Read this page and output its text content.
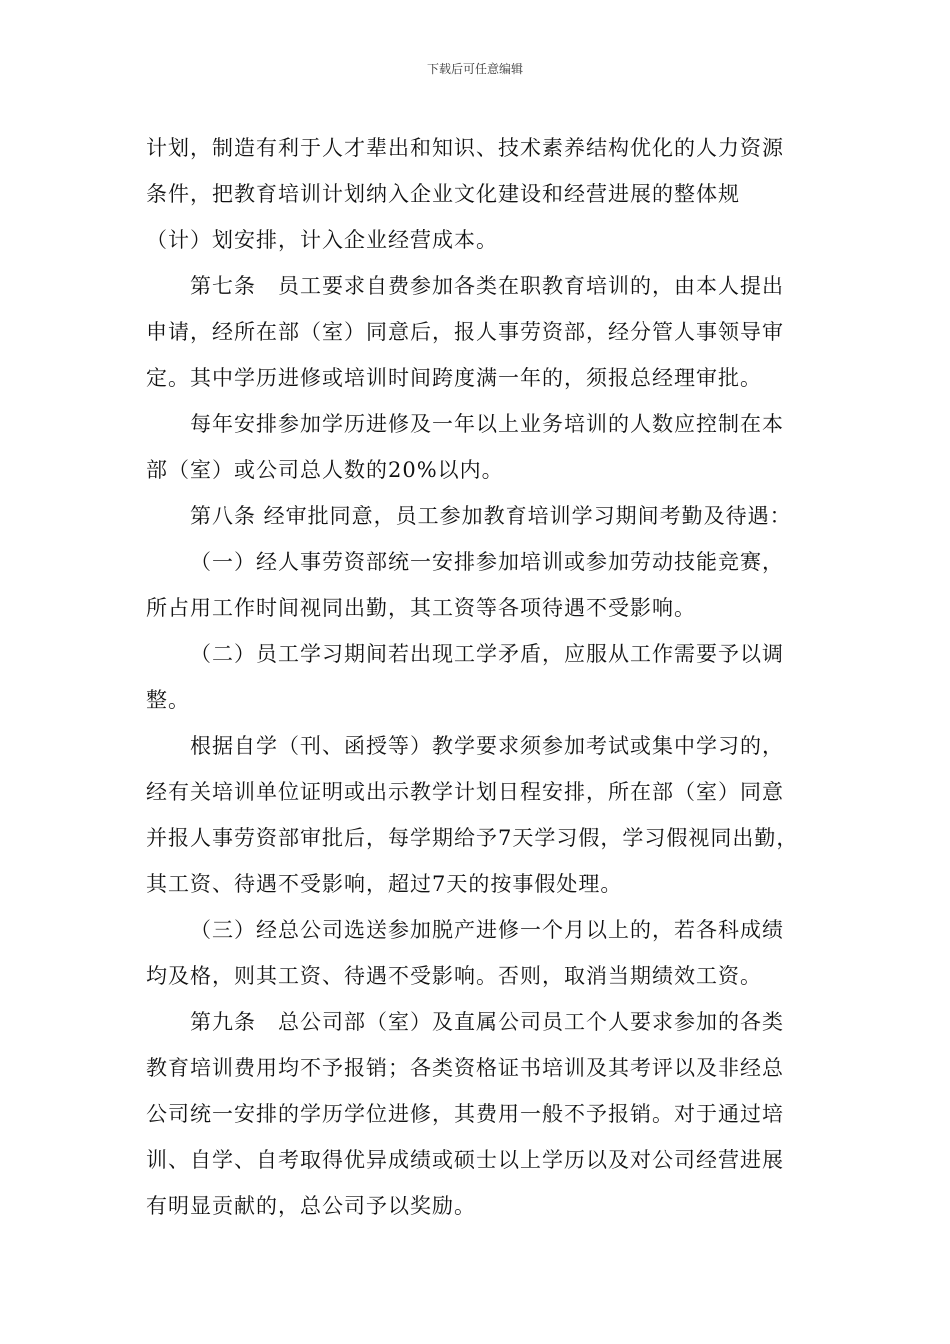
下载后可任意编辑
计划，制造有利于人才辈出和知识、技术素养结构优化的人力资源
条件，把教育培训计划纳入企业文化建设和经营进展的整体规
（计）划安排，计入企业经营成本。
第七条　员工要求自费参加各类在职教育培训的，由本人提出
申请，经所在部（室）同意后，报人事劳资部，经分管人事领导审
定。其中学历进修或培训时间跨度满一年的，须报总经理审批。
每年安排参加学历进修及一年以上业务培训的人数应控制在本
部（室）或公司总人数的20%以内。
第八条 经审批同意，员工参加教育培训学习期间考勤及待遇：
（一）经人事劳资部统一安排参加培训或参加劳动技能竞赛，
所占用工作时间视同出勤，其工资等各项待遇不受影响。
（二）员工学习期间若出现工学矛盾，应服从工作需要予以调
整。
根据自学（刊、函授等）教学要求须参加考试或集中学习的，
经有关培训单位证明或出示教学计划日程安排，所在部（室）同意
并报人事劳资部审批后，每学期给予7天学习假，学习假视同出勤，
其工资、待遇不受影响，超过7天的按事假处理。
（三）经总公司选送参加脱产进修一个月以上的，若各科成绩
均及格，则其工资、待遇不受影响。否则，取消当期绩效工资。
第九条　总公司部（室）及直属公司员工个人要求参加的各类
教育培训费用均不予报销；各类资格证书培训及其考评以及非经总
公司统一安排的学历学位进修，其费用一般不予报销。对于通过培
训、自学、自考取得优异成绩或硕士以上学历以及对公司经营进展
有明显贡献的，总公司予以奖励。
